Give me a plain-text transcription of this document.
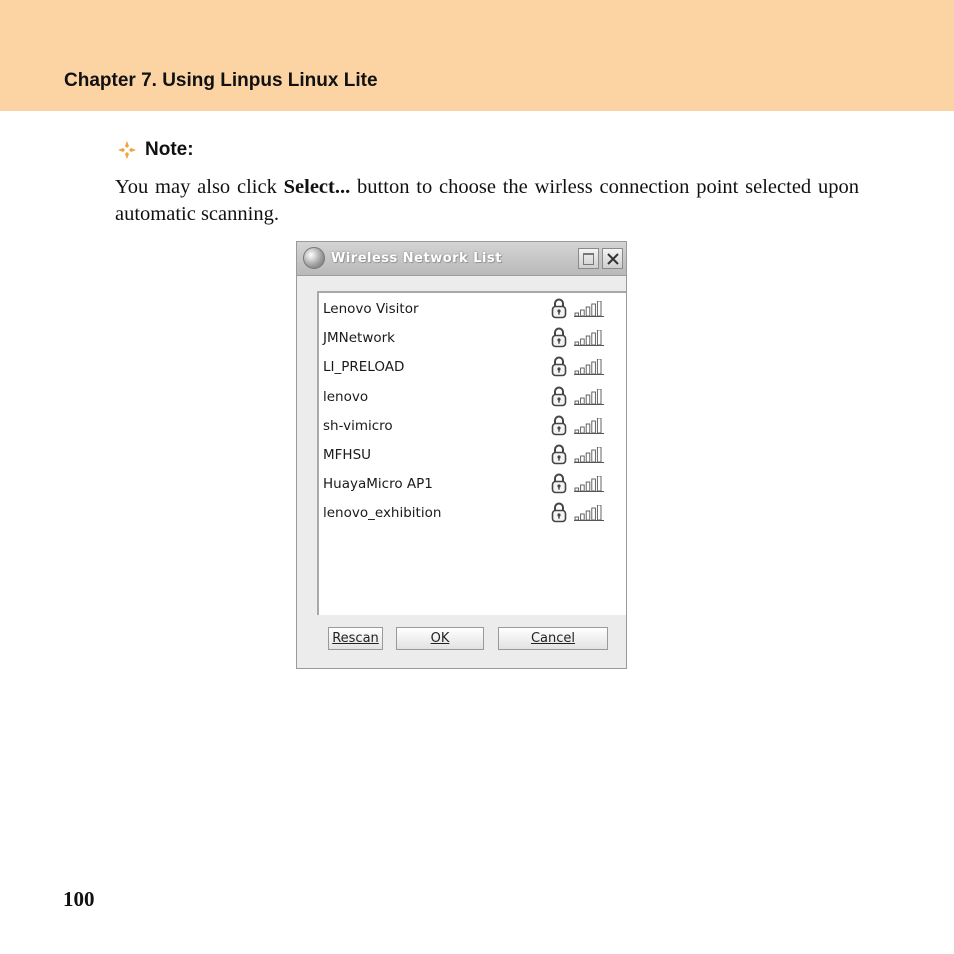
Chapter 7. Using Linpus Linux Lite
Note:
You may also click Select... button to choose the wirless connection point selected upon automatic scanning.
Wireless Network List
Lenovo Visitor
JMNetwork
LI_PRELOAD
lenovo
sh-vimicro
MFHSU
HuayaMicro AP1
lenovo_exhibition
Rescan	OK	Cancel
100
